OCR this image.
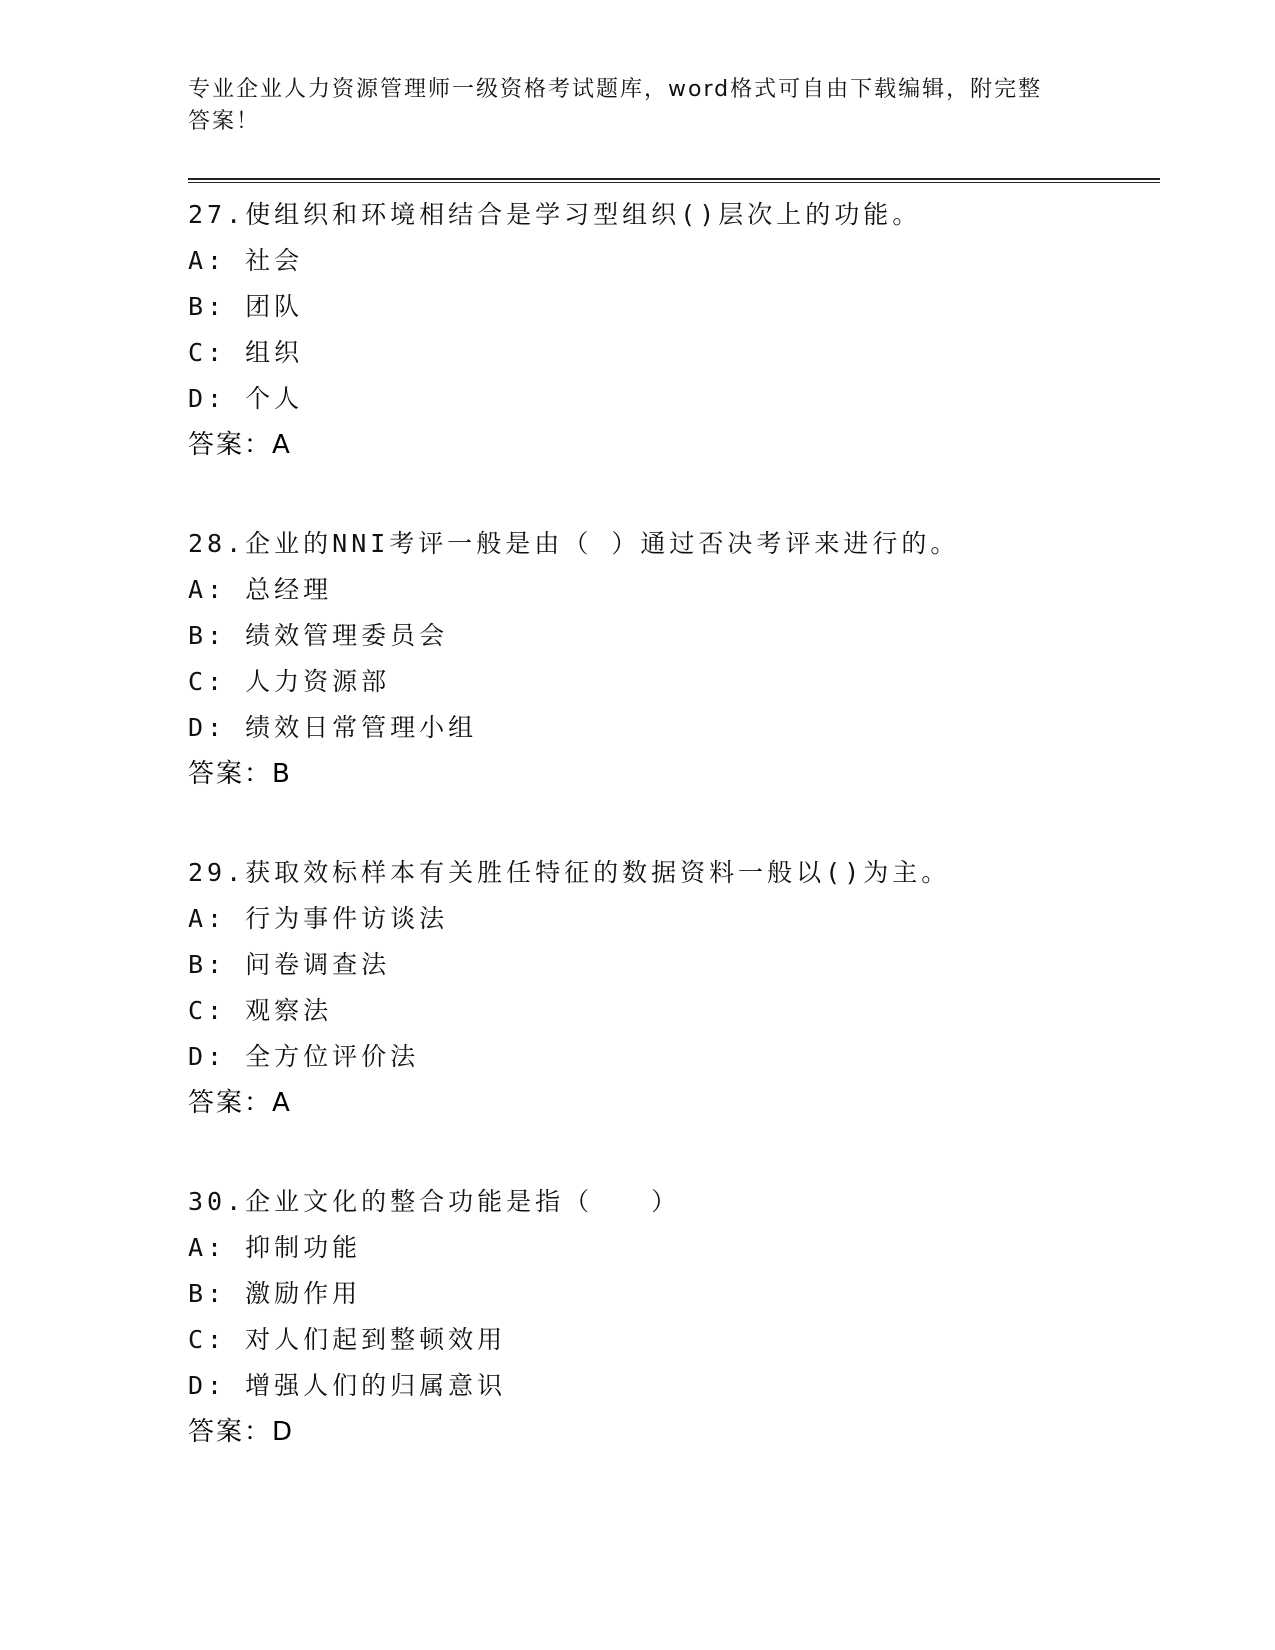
专业企业人力资源管理师一级资格考试题库，word格式可自由下载编辑，附完整
答案！
27.使组织和环境相结合是学习型组织()层次上的功能。
A: 社会
B: 团队
C: 组织
D: 个人
答案：A
28.企业的NNI考评一般是由（ ）通过否决考评来进行的。
A: 总经理
B: 绩效管理委员会
C: 人力资源部
D: 绩效日常管理小组
答案：B
29.获取效标样本有关胜任特征的数据资料一般以()为主。
A: 行为事件访谈法
B: 问卷调查法
C: 观察法
D: 全方位评价法
答案：A
30.企业文化的整合功能是指（　　）
A: 抑制功能
B: 激励作用
C: 对人们起到整顿效用
D: 增强人们的归属意识
答案：D
